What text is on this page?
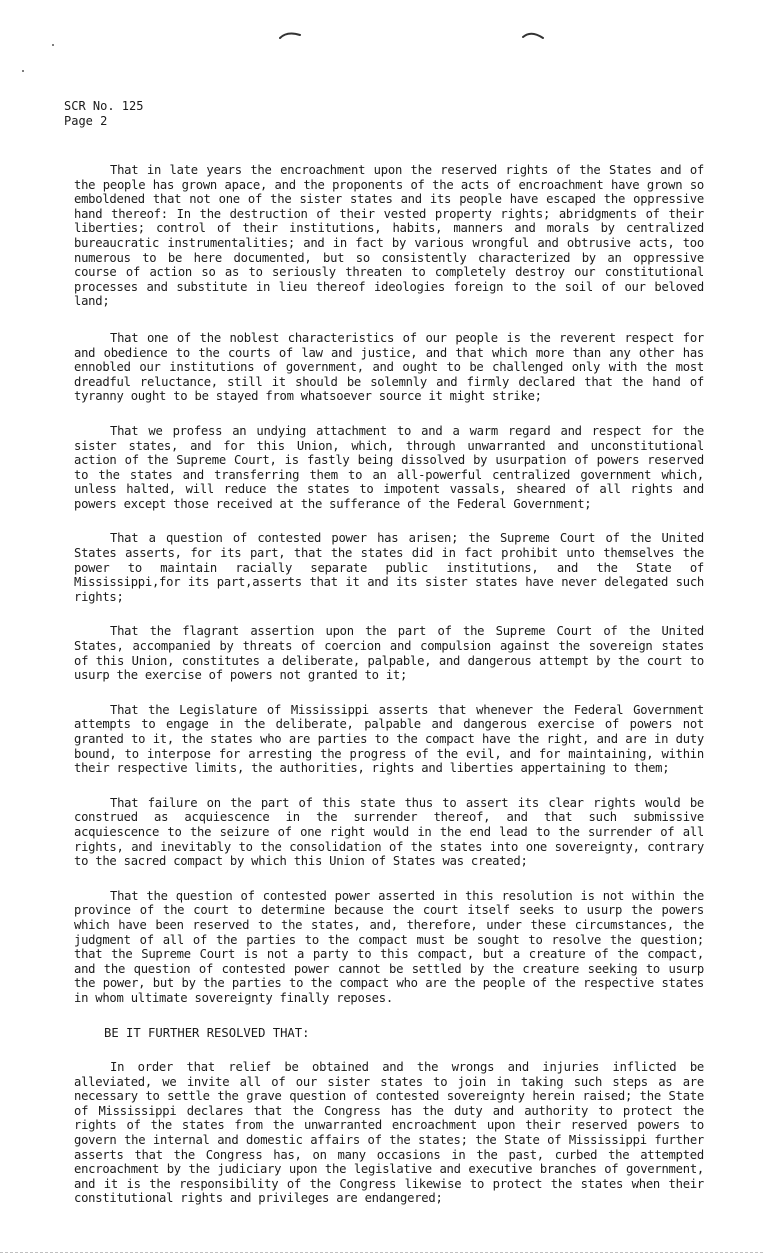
SCR No. 125
Page 2

That in late years the encroachment upon the reserved rights of the States and of the people has grown apace, and the proponents of the acts of encroachment have grown so emboldened that not one of the sister states and its people have escaped the oppressive hand thereof: In the destruction of their vested property rights; abridgments of their liberties; control of their institutions, habits, manners and morals by centralized bureaucratic instrumentalities; and in fact by various wrongful and obtrusive acts, too numerous to be here documented, but so consistently characterized by an oppressive course of action so as to seriously threaten to completely destroy our constitutional processes and substitute in lieu thereof ideologies foreign to the soil of our beloved land;

That one of the noblest characteristics of our people is the reverent respect for and obedience to the courts of law and justice, and that which more than any other has ennobled our institutions of government, and ought to be challenged only with the most dreadful reluctance, still it should be solemnly and firmly declared that the hand of tyranny ought to be stayed from whatsoever source it might strike;

That we profess an undying attachment to and a warm regard and respect for the sister states, and for this Union, which, through unwarranted and unconstitutional action of the Supreme Court, is fastly being dissolved by usurpation of powers reserved to the states and transferring them to an all-powerful centralized government which, unless halted, will reduce the states to impotent vassals, sheared of all rights and powers except those received at the sufferance of the Federal Government;

That a question of contested power has arisen; the Supreme Court of the United States asserts, for its part, that the states did in fact prohibit unto themselves the power to maintain racially separate public institutions, and the State of Mississippi,for its part,asserts that it and its sister states have never delegated such rights;

That the flagrant assertion upon the part of the Supreme Court of the United States, accompanied by threats of coercion and compulsion against the sovereign states of this Union, constitutes a deliberate, palpable, and dangerous attempt by the court to usurp the exercise of powers not granted to it;

That the Legislature of Mississippi asserts that whenever the Federal Government attempts to engage in the deliberate, palpable and dangerous exercise of powers not granted to it, the states who are parties to the compact have the right, and are in duty bound, to interpose for arresting the progress of the evil, and for maintaining, within their respective limits, the authorities, rights and liberties appertaining to them;

That failure on the part of this state thus to assert its clear rights would be construed as acquiescence in the surrender thereof, and that such submissive acquiescence to the seizure of one right would in the end lead to the surrender of all rights, and inevitably to the consolidation of the states into one sovereignty, contrary to the sacred compact by which this Union of States was created;

That the question of contested power asserted in this resolution is not within the province of the court to determine because the court itself seeks to usurp the powers which have been reserved to the states, and, therefore, under these circumstances, the judgment of all of the parties to the compact must be sought to resolve the question; that the Supreme Court is not a party to this compact, but a creature of the compact, and the question of contested power cannot be settled by the creature seeking to usurp the power, but by the parties to the compact who are the people of the respective states in whom ultimate sovereignty finally reposes.

BE IT FURTHER RESOLVED THAT:

In order that relief be obtained and the wrongs and injuries inflicted be alleviated, we invite all of our sister states to join in taking such steps as are necessary to settle the grave question of contested sovereignty herein raised; the State of Mississippi declares that the Congress has the duty and authority to protect the rights of the states from the unwarranted encroachment upon their reserved powers to govern the internal and domestic affairs of the states; the State of Mississippi further asserts that the Congress has, on many occasions in the past, curbed the attempted encroachment by the judiciary upon the legislative and executive branches of government, and it is the responsibility of the Congress likewise to protect the states when their constitutional rights and privileges are endangered;
